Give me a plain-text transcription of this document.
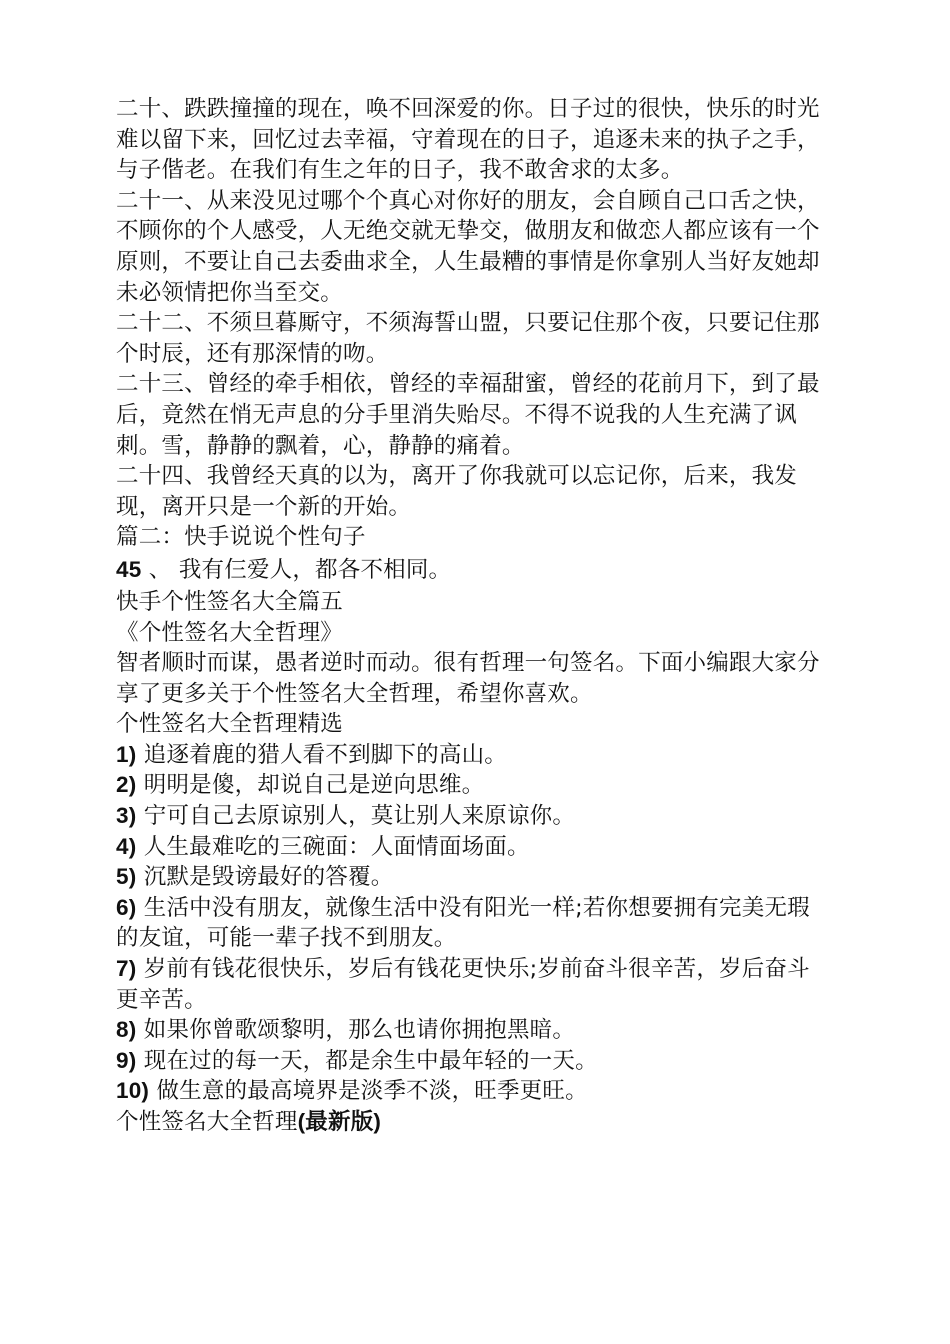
二十、跌跌撞撞的现在，唤不回深爱的你。日子过的很快，快乐的时光难以留下来，回忆过去幸福，守着现在的日子，追逐未来的执子之手，与子偕老。在我们有生之年的日子，我不敢舍求的太多。

二十一、从来没见过哪个个真心对你好的朋友，会自顾自己口舌之快，不顾你的个人感受，人无绝交就无挚交，做朋友和做恋人都应该有一个原则，不要让自己去委曲求全，人生最糟的事情是你拿别人当好友她却未必领情把你当至交。

二十二、不须旦暮厮守，不须海誓山盟，只要记住那个夜，只要记住那个时辰，还有那深情的吻。

二十三、曾经的牵手相依，曾经的幸福甜蜜，曾经的花前月下，到了最后，竟然在悄无声息的分手里消失贻尽。不得不说我的人生充满了讽刺。雪，静静的飘着，心，静静的痛着。

二十四、我曾经天真的以为，离开了你我就可以忘记你，后来，我发现，离开只是一个新的开始。

篇二：快手说说个性句子

45 、 我有仨爱人，都各不相同。

快手个性签名大全篇五

《个性签名大全哲理》

智者顺时而谋，愚者逆时而动。很有哲理一句签名。下面小编跟大家分享了更多关于个性签名大全哲理，希望你喜欢。

个性签名大全哲理精选

1) 追逐着鹿的猎人看不到脚下的高山。

2) 明明是傻，却说自己是逆向思维。

3) 宁可自己去原谅别人，莫让别人来原谅你。

4) 人生最难吃的三碗面：人面情面场面。

5) 沉默是毁谤最好的答覆。

6) 生活中没有朋友，就像生活中没有阳光一样;若你想要拥有完美无瑕的友谊，可能一辈子找不到朋友。

7) 岁前有钱花很快乐，岁后有钱花更快乐;岁前奋斗很辛苦，岁后奋斗更辛苦。

8) 如果你曾歌颂黎明，那么也请你拥抱黑暗。

9) 现在过的每一天，都是余生中最年轻的一天。

10) 做生意的最高境界是淡季不淡，旺季更旺。

个性签名大全哲理(最新版)
